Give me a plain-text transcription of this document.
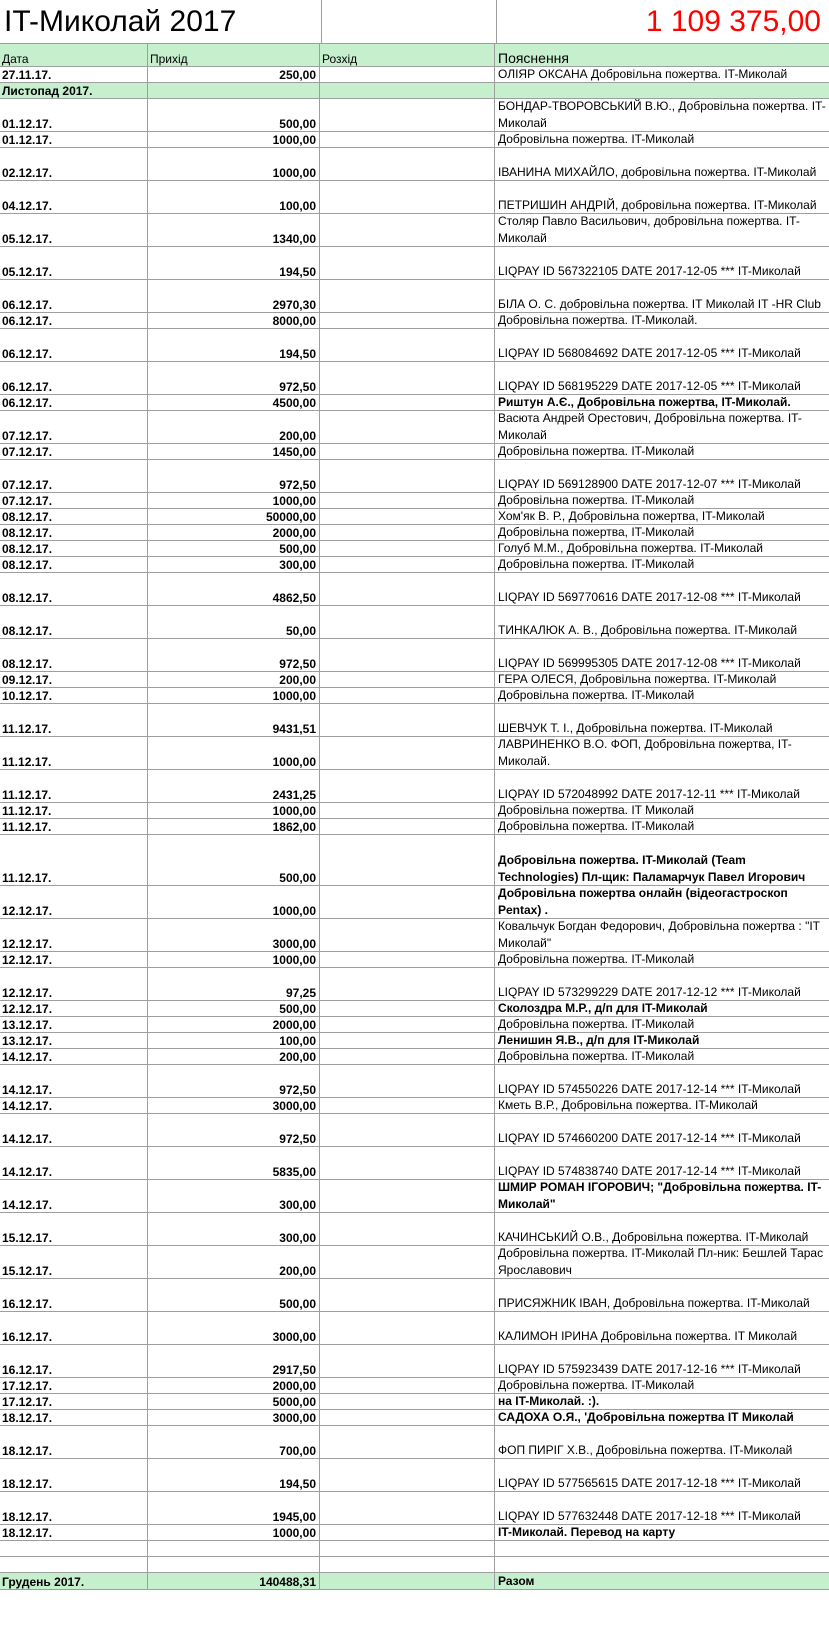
IT-Миколай 2017	1 109 375,00
Дата	Прихід	Розхід	Пояснення
27.11.17.	250,00	ОЛІЯР ОКСАНА Добровільна пожертва. IT-Миколай
Листопад 2017.
01.12.17.	500,00
БОНДАР-ТВОРОВСЬКИЙ В.Ю., Добровільна пожертва. IT-Миколай
01.12.17.	1000,00	Добровільна пожертва. IT-Миколай
02.12.17.	1000,00	ІВАНИНА МИХАЙЛО, добровільна пожертва. IT-Миколай
04.12.17.	100,00	ПЕТРИШИН АНДРІЙ, добровільна пожертва. IT-Миколай
05.12.17.	1340,00
Столяр Павло Васильович, добровільна пожертва. IT-Миколай
05.12.17.	194,50	LIQPAY ID 567322105 DATE 2017-12-05 *** IT-Миколай
06.12.17.	2970,30	БІЛА О. С. добровільна пожертва. IT Миколай IT -HR Club
06.12.17.	8000,00	Добровільна пожертва. IT-Миколай.
06.12.17.	194,50	LIQPAY ID 568084692 DATE 2017-12-05 *** IT-Миколай
06.12.17.	972,50	LIQPAY ID 568195229 DATE 2017-12-05 *** IT-Миколай
06.12.17.	4500,00	Риштун А.Є., Добровільна пожертва, IT-Миколай.
07.12.17.	200,00
Васюта Андрей Орестович, Добровільна пожертва. IT-Миколай
07.12.17.	1450,00	Добровільна пожертва. IT-Миколай
07.12.17.	972,50	LIQPAY ID 569128900 DATE 2017-12-07 *** IT-Миколай
07.12.17.	1000,00	Добровільна пожертва. IT-Миколай
08.12.17.	50000,00	Хом'як В. Р., Добровільна пожертва, IT-Миколай
08.12.17.	2000,00	Добровільна пожертва, IT-Миколай
08.12.17.	500,00	Голуб М.М., Добровільна пожертва. IT-Миколай
08.12.17.	300,00	Добровільна пожертва. IT-Миколай
08.12.17.	4862,50	LIQPAY ID 569770616 DATE 2017-12-08 *** IT-Миколай
08.12.17.	50,00	ТИНКАЛЮК А. В., Добровільна пожертва. IT-Миколай
08.12.17.	972,50	LIQPAY ID 569995305 DATE 2017-12-08 *** IT-Миколай
09.12.17.	200,00	ГЕРА ОЛЕСЯ, Добровільна пожертва. IT-Миколай
10.12.17.	1000,00	Добровільна пожертва. IT-Миколай
11.12.17.	9431,51	ШЕВЧУК Т. І., Добровільна пожертва. IT-Миколай
11.12.17.	1000,00
ЛАВРИНЕНКО В.О. ФОП, Добровільна пожертва, IT-Миколай.
11.12.17.	2431,25	LIQPAY ID 572048992 DATE 2017-12-11 *** IT-Миколай
11.12.17.	1000,00	Добровільна пожертва. IT Миколай
11.12.17.	1862,00	Добровільна пожертва. IT-Миколай
11.12.17.	500,00
Добровільна пожертва. IT-Миколай (Team Technologies) Пл-щик: Паламарчук Павел Игорович
12.12.17.	1000,00
Добровільна пожертва онлайн (відеогастроскоп Pentax) .
12.12.17.	3000,00
Ковальчук Богдан Федорович, Добровільна пожертва : "IT Миколай"
12.12.17.	1000,00	Добровільна пожертва. IT-Миколай
12.12.17.	97,25	LIQPAY ID 573299229 DATE 2017-12-12 *** IT-Миколай
12.12.17.	500,00	Сколоздра М.Р., д/п для IT-Миколай
13.12.17.	2000,00	Добровільна пожертва. IT-Миколай
13.12.17.	100,00	Ленишин Я.В., д/п для IT-Миколай
14.12.17.	200,00	Добровільна пожертва. IT-Миколай
14.12.17.	972,50	LIQPAY ID 574550226 DATE 2017-12-14 *** IT-Миколай
14.12.17.	3000,00	Кметь В.Р., Добровільна пожертва. IT-Миколай
14.12.17.	972,50	LIQPAY ID 574660200 DATE 2017-12-14 *** IT-Миколай
14.12.17.	5835,00	LIQPAY ID 574838740 DATE 2017-12-14 *** IT-Миколай
14.12.17.	300,00
ШМИР РОМАН ІГОРОВИЧ; "Добровільна пожертва. IT-Миколай"
15.12.17.	300,00	КАЧИНСЬКИЙ О.В., Добровільна пожертва. IT-Миколай
15.12.17.	200,00
Добровільна пожертва. IT-Миколай Пл-ник: Бешлей Тарас Ярославович
16.12.17.	500,00	ПРИСЯЖНИК ІВАН, Добровільна пожертва. IT-Миколай
16.12.17.	3000,00	КАЛИМОН ІРИНА Добровільна пожертва. IT Миколай
16.12.17.	2917,50	LIQPAY ID 575923439 DATE 2017-12-16 *** IT-Миколай
17.12.17.	2000,00	Добровільна пожертва. IT-Миколай
17.12.17.	5000,00	на IT-Миколай. :).
18.12.17.	3000,00	САДОХА О.Я., 'Добровільна пожертва IT Миколай
18.12.17.	700,00	ФОП ПИРІГ Х.В., Добровільна пожертва. IT-Миколай
18.12.17.	194,50	LIQPAY ID 577565615 DATE 2017-12-18 *** IT-Миколай
18.12.17.	1945,00	LIQPAY ID 577632448 DATE 2017-12-18 *** IT-Миколай
18.12.17.	1000,00	IT-Миколай. Перевод на карту
Грудень 2017.	140488,31	Разом
